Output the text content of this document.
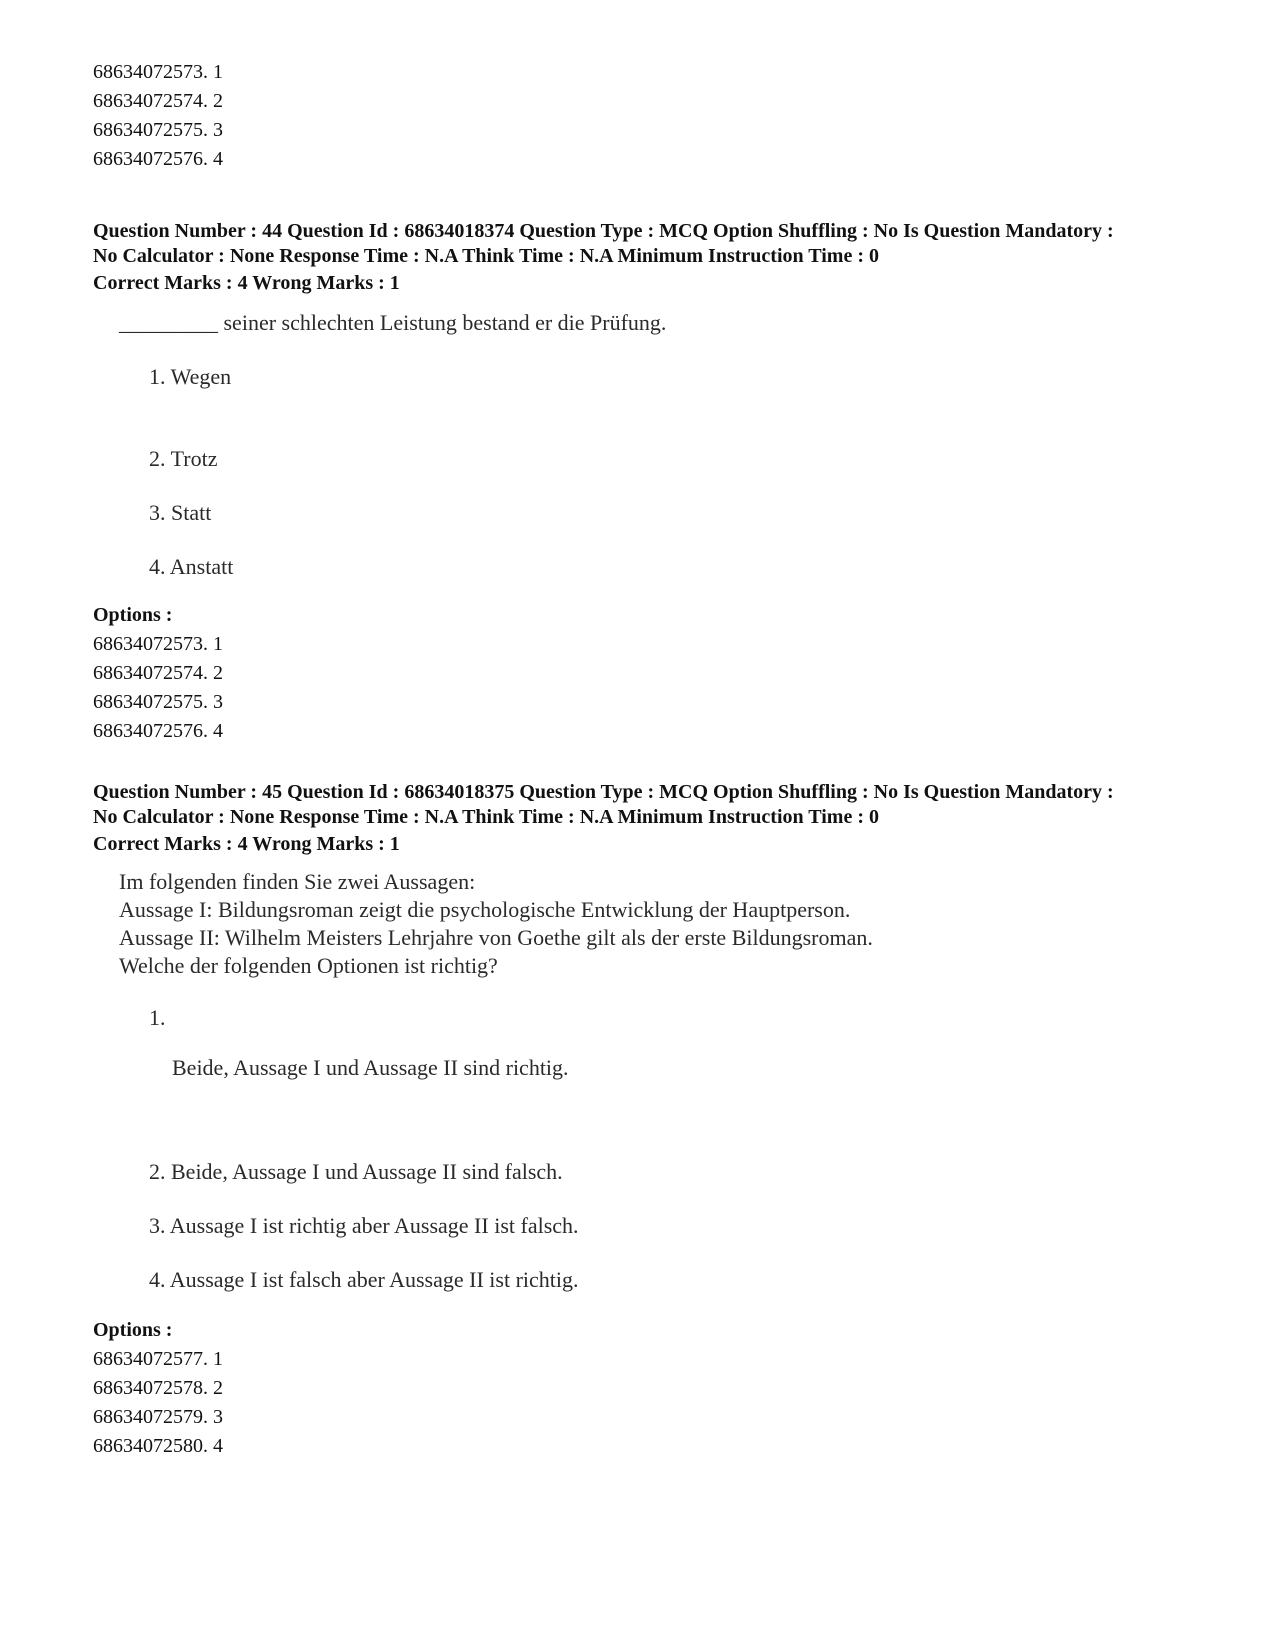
68634072573. 1
68634072574. 2
68634072575. 3
68634072576. 4
Question Number : 44 Question Id : 68634018374 Question Type : MCQ Option Shuffling : No Is Question Mandatory :
No Calculator : None Response Time : N.A Think Time : N.A Minimum Instruction Time : 0
Correct Marks : 4 Wrong Marks : 1
_________ seiner schlechten Leistung bestand er die Prüfung.
1. Wegen
2. Trotz
3. Statt
4. Anstatt
Options :
68634072573. 1
68634072574. 2
68634072575. 3
68634072576. 4
Question Number : 45 Question Id : 68634018375 Question Type : MCQ Option Shuffling : No Is Question Mandatory :
No Calculator : None Response Time : N.A Think Time : N.A Minimum Instruction Time : 0
Correct Marks : 4 Wrong Marks : 1
Im folgenden finden Sie zwei Aussagen:
Aussage I: Bildungsroman zeigt die psychologische Entwicklung der Hauptperson.
Aussage II: Wilhelm Meisters Lehrjahre von Goethe gilt als der erste Bildungsroman.
Welche der folgenden Optionen ist richtig?
1.
Beide, Aussage I und Aussage II sind richtig.
2. Beide, Aussage I und Aussage II sind falsch.
3. Aussage I ist richtig aber Aussage II ist falsch.
4. Aussage I ist falsch aber Aussage II ist richtig.
Options :
68634072577. 1
68634072578. 2
68634072579. 3
68634072580. 4
